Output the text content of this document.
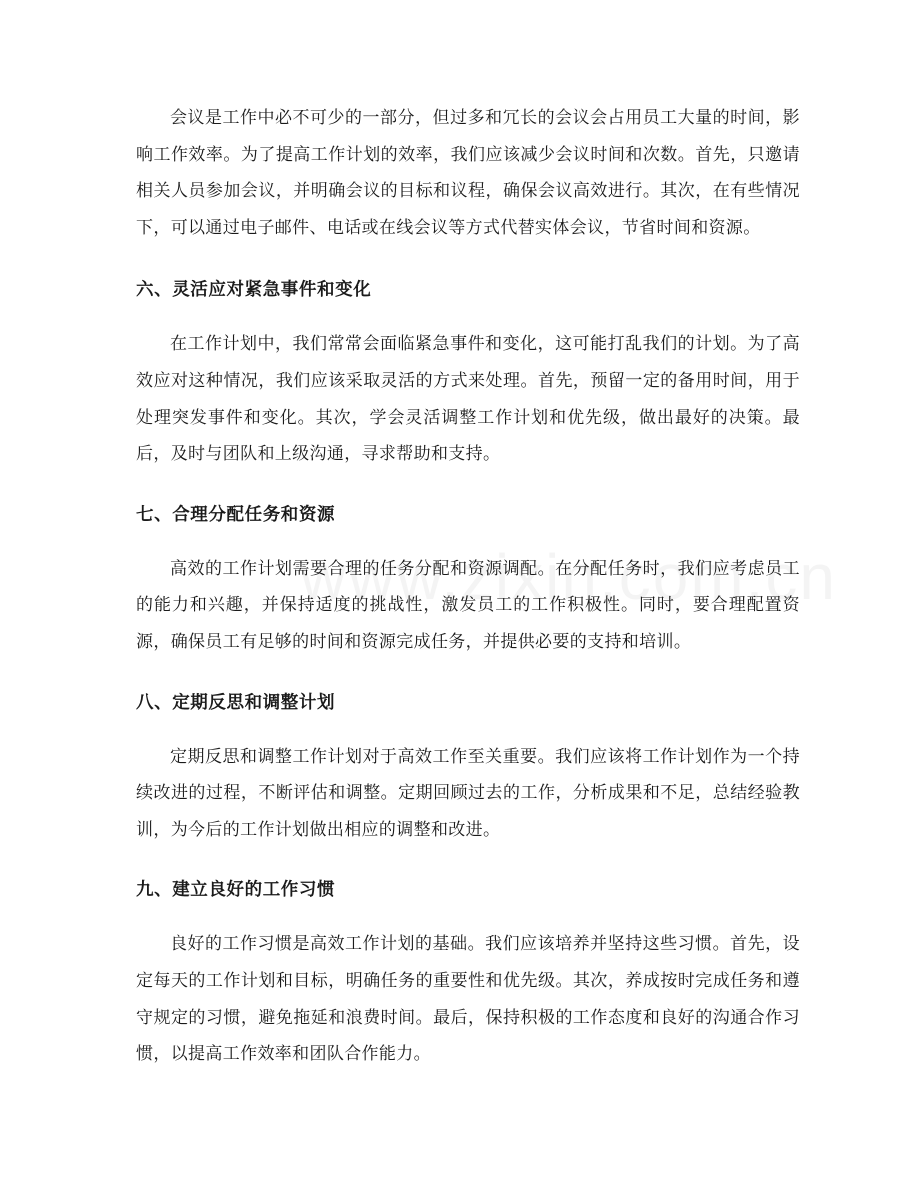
会议是工作中必不可少的一部分，但过多和冗长的会议会占用员工大量的时间，影响工作效率。为了提高工作计划的效率，我们应该减少会议时间和次数。首先，只邀请相关人员参加会议，并明确会议的目标和议程，确保会议高效进行。其次，在有些情况下，可以通过电子邮件、电话或在线会议等方式代替实体会议，节省时间和资源。

六、灵活应对紧急事件和变化

在工作计划中，我们常常会面临紧急事件和变化，这可能打乱我们的计划。为了高效应对这种情况，我们应该采取灵活的方式来处理。首先，预留一定的备用时间，用于处理突发事件和变化。其次，学会灵活调整工作计划和优先级，做出最好的决策。最后，及时与团队和上级沟通，寻求帮助和支持。

七、合理分配任务和资源

高效的工作计划需要合理的任务分配和资源调配。在分配任务时，我们应考虑员工的能力和兴趣，并保持适度的挑战性，激发员工的工作积极性。同时，要合理配置资源，确保员工有足够的时间和资源完成任务，并提供必要的支持和培训。

八、定期反思和调整计划

定期反思和调整工作计划对于高效工作至关重要。我们应该将工作计划作为一个持续改进的过程，不断评估和调整。定期回顾过去的工作，分析成果和不足，总结经验教训，为今后的工作计划做出相应的调整和改进。

九、建立良好的工作习惯

良好的工作习惯是高效工作计划的基础。我们应该培养并坚持这些习惯。首先，设定每天的工作计划和目标，明确任务的重要性和优先级。其次，养成按时完成任务和遵守规定的习惯，避免拖延和浪费时间。最后，保持积极的工作态度和良好的沟通合作习惯，以提高工作效率和团队合作能力。
